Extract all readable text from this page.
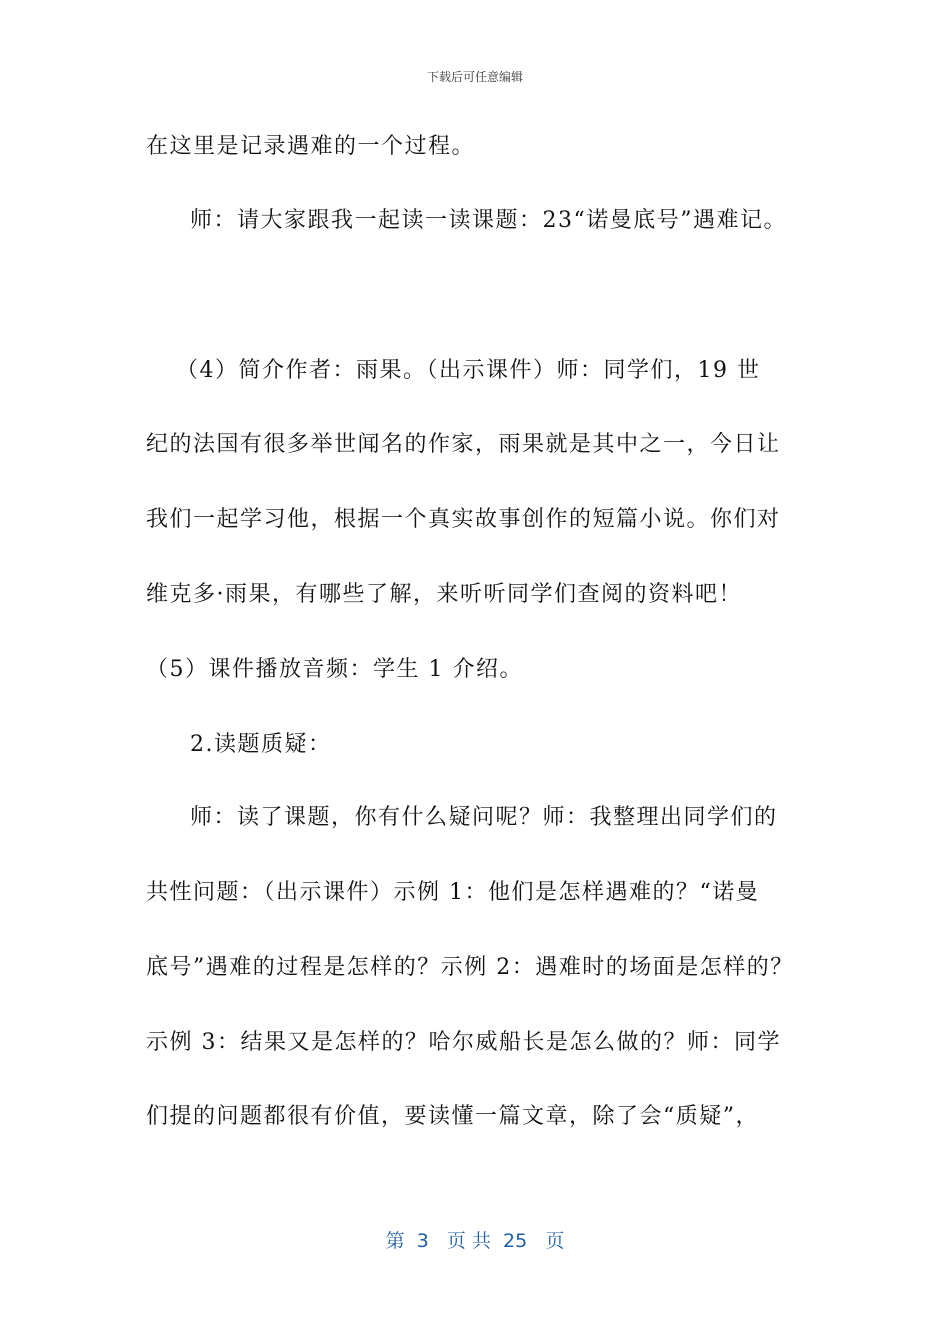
下载后可任意编辑
在这里是记录遇难的一个过程。
师：请大家跟我一起读一读课题：23“诺曼底号”遇难记。
（4）简介作者：雨果。（出示课件）师：同学们，19 世
纪的法国有很多举世闻名的作家，雨果就是其中之一，今日让
我们一起学习他，根据一个真实故事创作的短篇小说。你们对
维克多·雨果，有哪些了解，来听听同学们查阅的资料吧！
（5）课件播放音频：学生 1 介绍。
2.读题质疑：
师：读了课题，你有什么疑问呢？师：我整理出同学们的
共性问题：（出示课件）示例 1：他们是怎样遇难的？“诺曼
底号”遇难的过程是怎样的？示例 2：遇难时的场面是怎样的？
示例 3：结果又是怎样的？哈尔威船长是怎么做的？师：同学
们提的问题都很有价值，要读懂一篇文章，除了会“质疑”，
第  3   页 共  25   页
